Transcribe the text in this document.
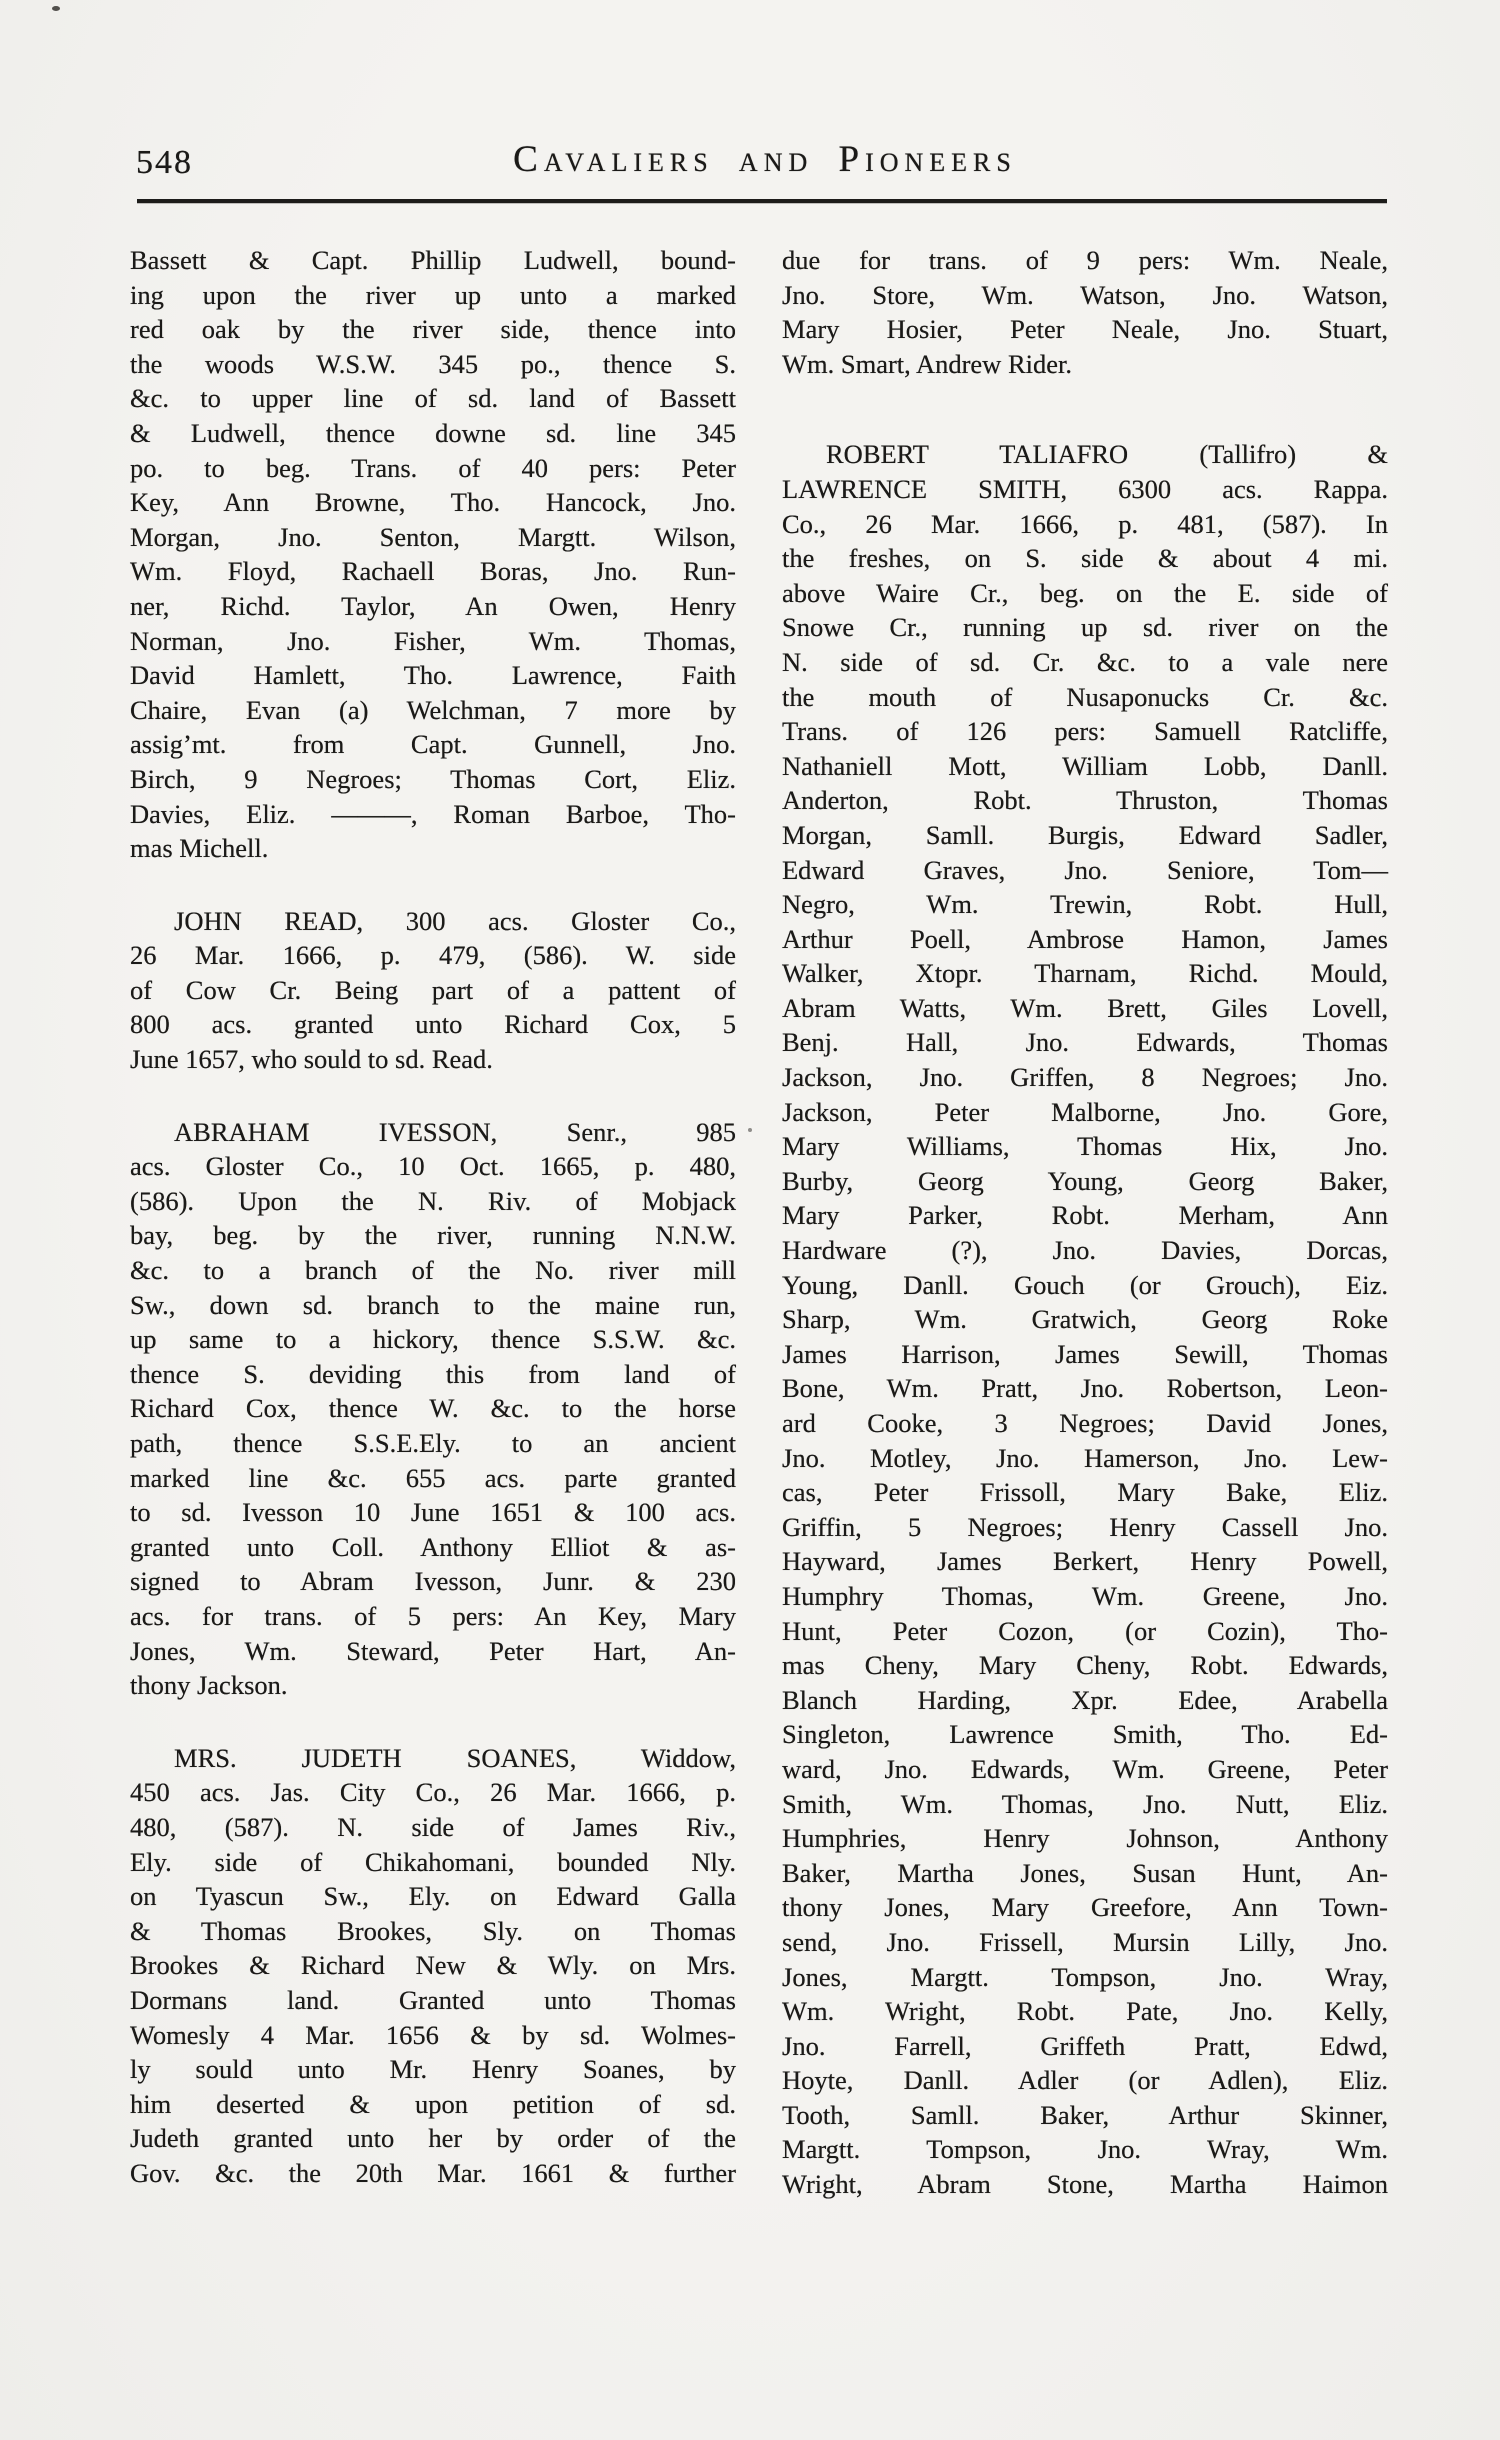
548	Cavaliers and Pioneers
Bassett & Capt. Phillip Ludwell, bound-
ing upon the river up unto a marked
red oak by the river side, thence into
the woods W.S.W. 345 po., thence S.
&c. to upper line of sd. land of Bassett
& Ludwell, thence downe sd. line 345
po. to beg. Trans. of 40 pers: Peter
Key, Ann Browne, Tho. Hancock, Jno.
Morgan, Jno. Senton, Margtt. Wilson,
Wm. Floyd, Rachaell Boras, Jno. Run-
ner, Richd. Taylor, An Owen, Henry
Norman, Jno. Fisher, Wm. Thomas,
David Hamlett, Tho. Lawrence, Faith
Chaire, Evan (a) Welchman, 7 more by
assig’mt. from Capt. Gunnell, Jno.
Birch, 9 Negroes; Thomas Cort, Eliz.
Davies, Eliz. ———, Roman Barboe, Tho-
mas Michell.
JOHN READ, 300 acs. Gloster Co.,
26 Mar. 1666, p. 479, (586). W. side
of Cow Cr. Being part of a pattent of
800 acs. granted unto Richard Cox, 5
June 1657, who sould to sd. Read.
ABRAHAM IVESSON, Senr., 985
acs. Gloster Co., 10 Oct. 1665, p. 480,
(586). Upon the N. Riv. of Mobjack
bay, beg. by the river, running N.N.W.
&c. to a branch of the No. river mill
Sw., down sd. branch to the maine run,
up same to a hickory, thence S.S.W. &c.
thence S. deviding this from land of
Richard Cox, thence W. &c. to the horse
path, thence S.S.E.Ely. to an ancient
marked line &c. 655 acs. parte granted
to sd. Ivesson 10 June 1651 & 100 acs.
granted unto Coll. Anthony Elliot & as-
signed to Abram Ivesson, Junr. & 230
acs. for trans. of 5 pers: An Key, Mary
Jones, Wm. Steward, Peter Hart, An-
thony Jackson.
MRS. JUDETH SOANES, Widdow,
450 acs. Jas. City Co., 26 Mar. 1666, p.
480, (587). N. side of James Riv.,
Ely. side of Chikahomani, bounded Nly.
on Tyascun Sw., Ely. on Edward Galla
& Thomas Brookes, Sly. on Thomas
Brookes & Richard New & Wly. on Mrs.
Dormans land. Granted unto Thomas
Womesly 4 Mar. 1656 & by sd. Wolmes-
ly sould unto Mr. Henry Soanes, by
him deserted & upon petition of sd.
Judeth granted unto her by order of the
Gov. &c. the 20th Mar. 1661 & further
due for trans. of 9 pers: Wm. Neale,
Jno. Store, Wm. Watson, Jno. Watson,
Mary Hosier, Peter Neale, Jno. Stuart,
Wm. Smart, Andrew Rider.
ROBERT TALIAFRO (Tallifro) &
LAWRENCE SMITH, 6300 acs. Rappa.
Co., 26 Mar. 1666, p. 481, (587). In
the freshes, on S. side & about 4 mi.
above Waire Cr., beg. on the E. side of
Snowe Cr., running up sd. river on the
N. side of sd. Cr. &c. to a vale nere
the mouth of Nusaponucks Cr. &c.
Trans. of 126 pers: Samuell Ratcliffe,
Nathaniell Mott, William Lobb, Danll.
Anderton, Robt. Thruston, Thomas
Morgan, Samll. Burgis, Edward Sadler,
Edward Graves, Jno. Seniore, Tom—
Negro, Wm. Trewin, Robt. Hull,
Arthur Poell, Ambrose Hamon, James
Walker, Xtopr. Tharnam, Richd. Mould,
Abram Watts, Wm. Brett, Giles Lovell,
Benj. Hall, Jno. Edwards, Thomas
Jackson, Jno. Griffen, 8 Negroes; Jno.
Jackson, Peter Malborne, Jno. Gore,
Mary Williams, Thomas Hix, Jno.
Burby, Georg Young, Georg Baker,
Mary Parker, Robt. Merham, Ann
Hardware (?), Jno. Davies, Dorcas,
Young, Danll. Gouch (or Grouch), Eiz.
Sharp, Wm. Gratwich, Georg Roke
James Harrison, James Sewill, Thomas
Bone, Wm. Pratt, Jno. Robertson, Leon-
ard Cooke, 3 Negroes; David Jones,
Jno. Motley, Jno. Hamerson, Jno. Lew-
cas, Peter Frissoll, Mary Bake, Eliz.
Griffin, 5 Negroes; Henry Cassell Jno.
Hayward, James Berkert, Henry Powell,
Humphry Thomas, Wm. Greene, Jno.
Hunt, Peter Cozon, (or Cozin), Tho-
mas Cheny, Mary Cheny, Robt. Edwards,
Blanch Harding, Xpr. Edee, Arabella
Singleton, Lawrence Smith, Tho. Ed-
ward, Jno. Edwards, Wm. Greene, Peter
Smith, Wm. Thomas, Jno. Nutt, Eliz.
Humphries, Henry Johnson, Anthony
Baker, Martha Jones, Susan Hunt, An-
thony Jones, Mary Greefore, Ann Town-
send, Jno. Frissell, Mursin Lilly, Jno.
Jones, Margtt. Tompson, Jno. Wray,
Wm. Wright, Robt. Pate, Jno. Kelly,
Jno. Farrell, Griffeth Pratt, Edwd,
Hoyte, Danll. Adler (or Adlen), Eliz.
Tooth, Samll. Baker, Arthur Skinner,
Margtt. Tompson, Jno. Wray, Wm.
Wright, Abram Stone, Martha Haimon
